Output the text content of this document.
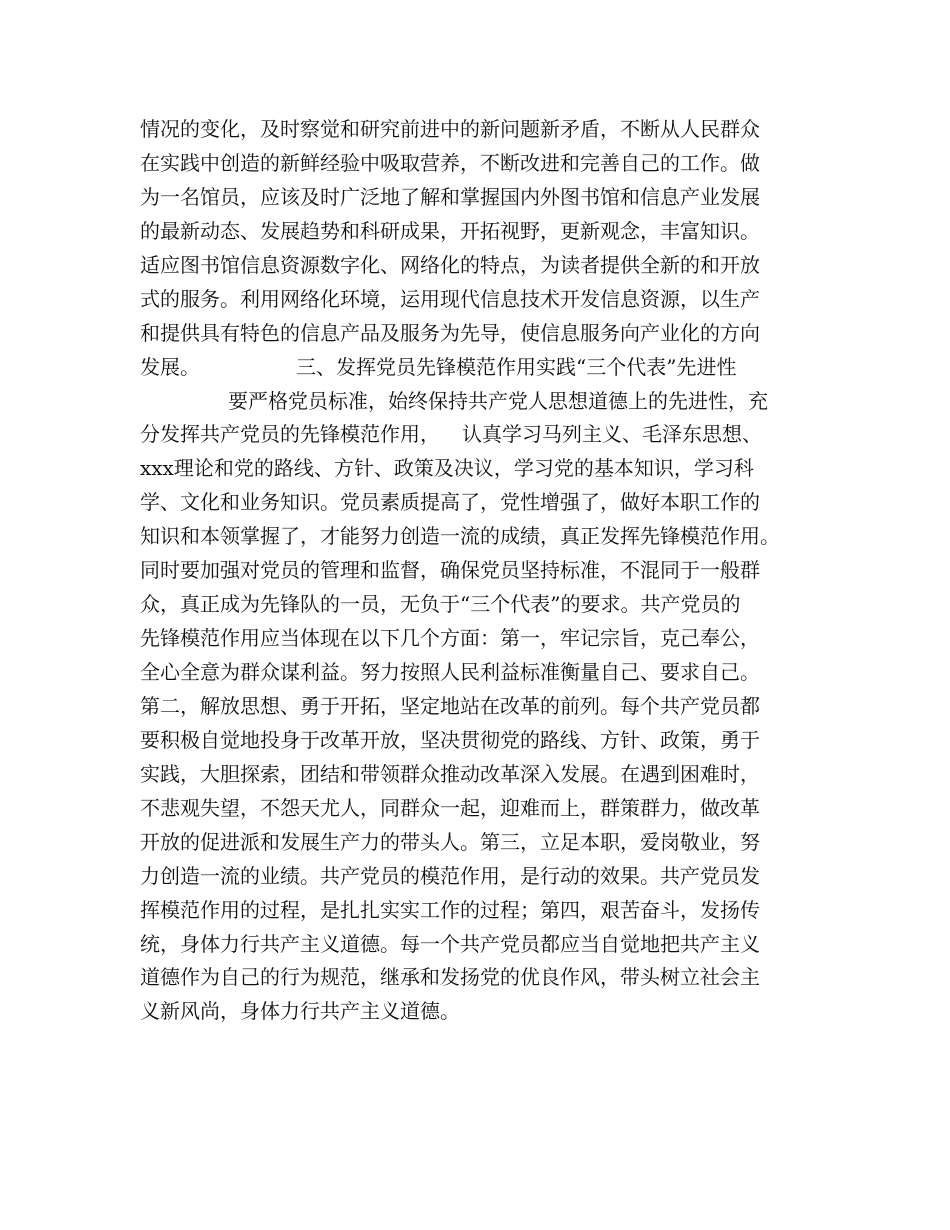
情况的变化，及时察觉和研究前进中的新问题新矛盾，不断从人民群众
在实践中创造的新鲜经验中吸取营养，不断改进和完善自己的工作。做
为一名馆员，应该及时广泛地了解和掌握国内外图书馆和信息产业发展
的最新动态、发展趋势和科研成果，开拓视野，更新观念，丰富知识。
适应图书馆信息资源数字化、网络化的特点，为读者提供全新的和开放
式的服务。利用网络化环境，运用现代信息技术开发信息资源，以生产
和提供具有特色的信息产品及服务为先导，使信息服务向产业化的方向
发展。	三、发挥党员先锋模范作用实践“三个代表”先进性
要严格党员标准，始终保持共产党人思想道德上的先进性，充
分发挥共产党员的先锋模范作用， 认真学习马列主义、毛泽东思想、
xxx理论和党的路线、方针、政策及决议，学习党的基本知识，学习科
学、文化和业务知识。党员素质提高了，党性增强了，做好本职工作的
知识和本领掌握了，才能努力创造一流的成绩，真正发挥先锋模范作用。
同时要加强对党员的管理和监督，确保党员坚持标准，不混同于一般群
众，真正成为先锋队的一员，无负于“三个代表”的要求。共产党员的
先锋模范作用应当体现在以下几个方面：第一，牢记宗旨，克己奉公，
全心全意为群众谋利益。努力按照人民利益标准衡量自己、要求自己。
第二，解放思想、勇于开拓，坚定地站在改革的前列。每个共产党员都
要积极自觉地投身于改革开放，坚决贯彻党的路线、方针、政策，勇于
实践，大胆探索，团结和带领群众推动改革深入发展。在遇到困难时，
不悲观失望，不怨天尤人，同群众一起，迎难而上，群策群力，做改革
开放的促进派和发展生产力的带头人。第三，立足本职，爱岗敬业，努
力创造一流的业绩。共产党员的模范作用，是行动的效果。共产党员发
挥模范作用的过程，是扎扎实实工作的过程；第四，艰苦奋斗，发扬传
统，身体力行共产主义道德。每一个共产党员都应当自觉地把共产主义
道德作为自己的行为规范，继承和发扬党的优良作风，带头树立社会主
义新风尚，身体力行共产主义道德。
